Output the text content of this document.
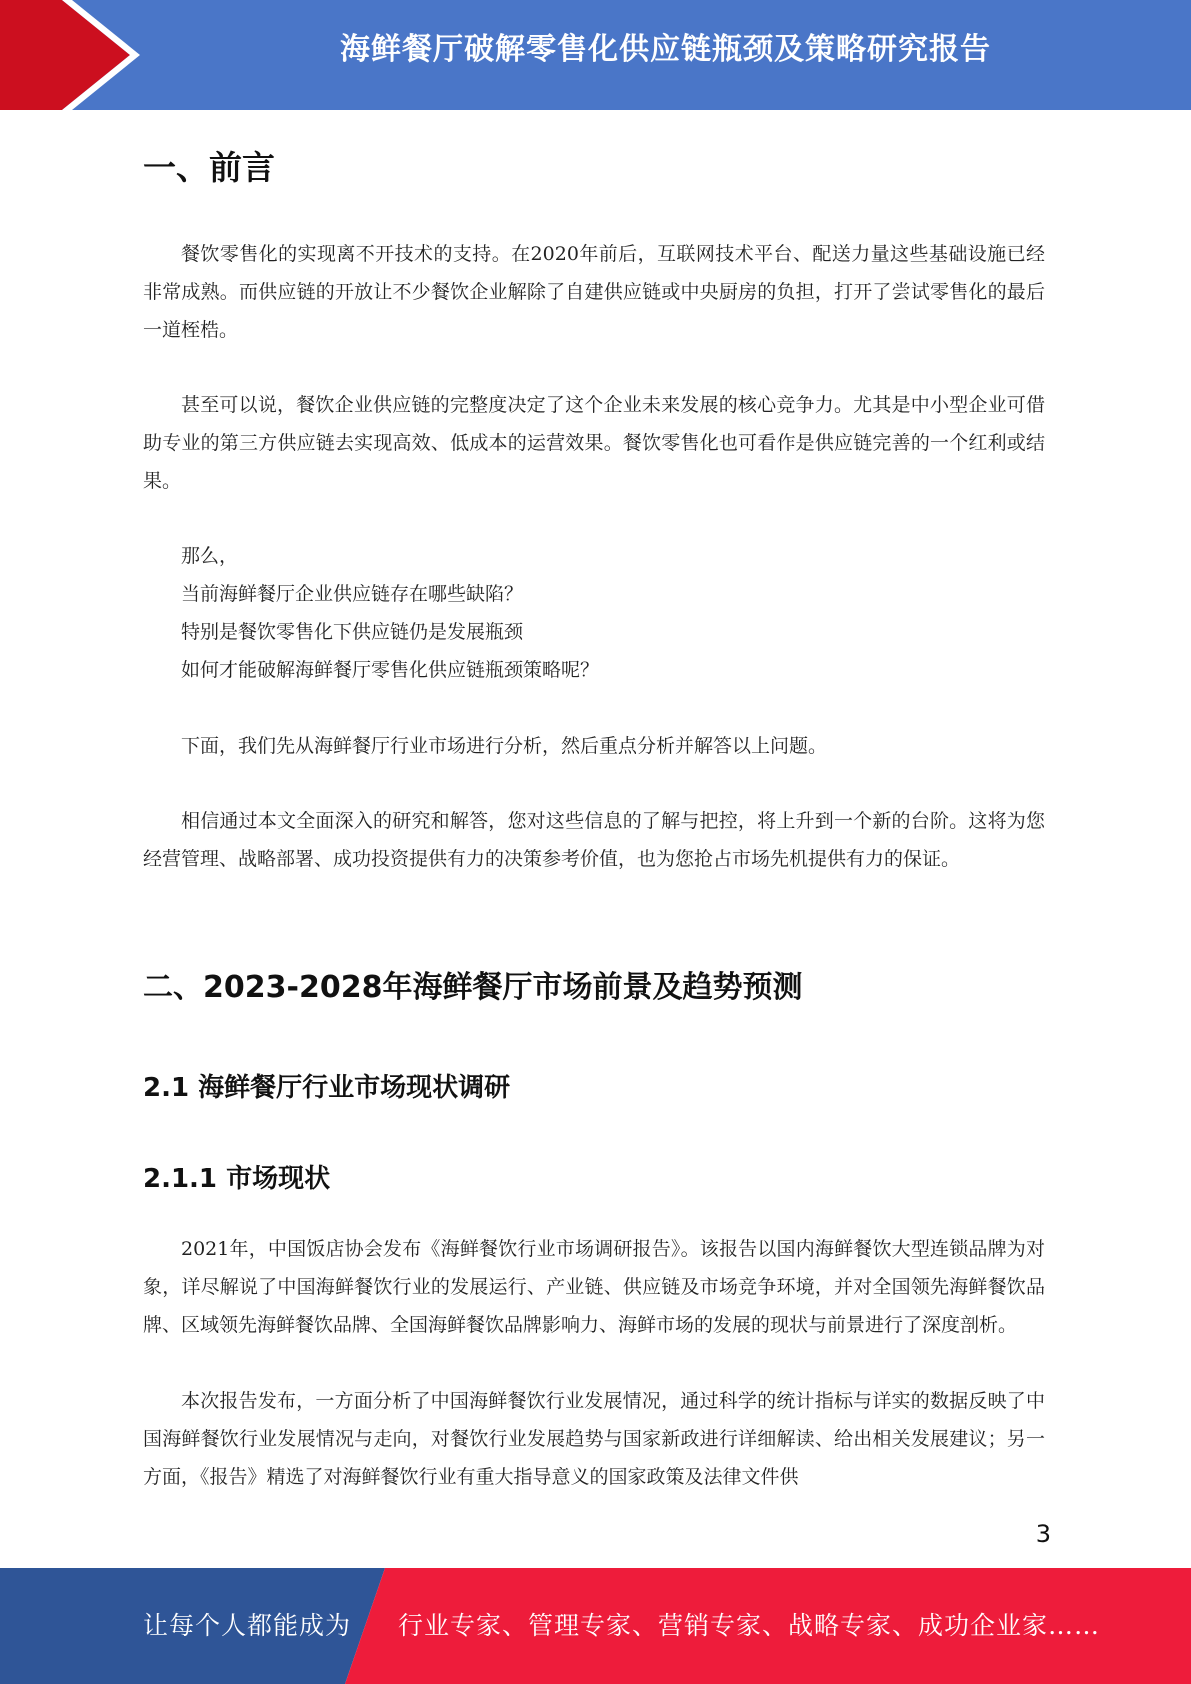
海鲜餐厅破解零售化供应链瓶颈及策略研究报告
一、前言

餐饮零售化的实现离不开技术的支持。在2020年前后，互联网技术平台、配送力量这些基础设施已经非常成熟。而供应链的开放让不少餐饮企业解除了自建供应链或中央厨房的负担，打开了尝试零售化的最后一道桎梏。

甚至可以说，餐饮企业供应链的完整度决定了这个企业未来发展的核心竞争力。尤其是中小型企业可借助专业的第三方供应链去实现高效、低成本的运营效果。餐饮零售化也可看作是供应链完善的一个红利或结果。

那么，
当前海鲜餐厅企业供应链存在哪些缺陷？
特别是餐饮零售化下供应链仍是发展瓶颈
如何才能破解海鲜餐厅零售化供应链瓶颈策略呢？

下面，我们先从海鲜餐厅行业市场进行分析，然后重点分析并解答以上问题。

相信通过本文全面深入的研究和解答，您对这些信息的了解与把控，将上升到一个新的台阶。这将为您经营管理、战略部署、成功投资提供有力的决策参考价值，也为您抢占市场先机提供有力的保证。

二、2023-2028年海鲜餐厅市场前景及趋势预测
2.1 海鲜餐厅行业市场现状调研
2.1.1 市场现状

2021年，中国饭店协会发布《海鲜餐饮行业市场调研报告》。该报告以国内海鲜餐饮大型连锁品牌为对象，详尽解说了中国海鲜餐饮行业的发展运行、产业链、供应链及市场竞争环境，并对全国领先海鲜餐饮品牌、区域领先海鲜餐饮品牌、全国海鲜餐饮品牌影响力、海鲜市场的发展的现状与前景进行了深度剖析。

本次报告发布，一方面分析了中国海鲜餐饮行业发展情况，通过科学的统计指标与详实的数据反映了中国海鲜餐饮行业发展情况与走向，对餐饮行业发展趋势与国家新政进行详细解读、给出相关发展建议；另一方面，《报告》精选了对海鲜餐饮行业有重大指导意义的国家政策及法律文件供

3
让每个人都能成为 行业专家、管理专家、营销专家、战略专家、成功企业家……
